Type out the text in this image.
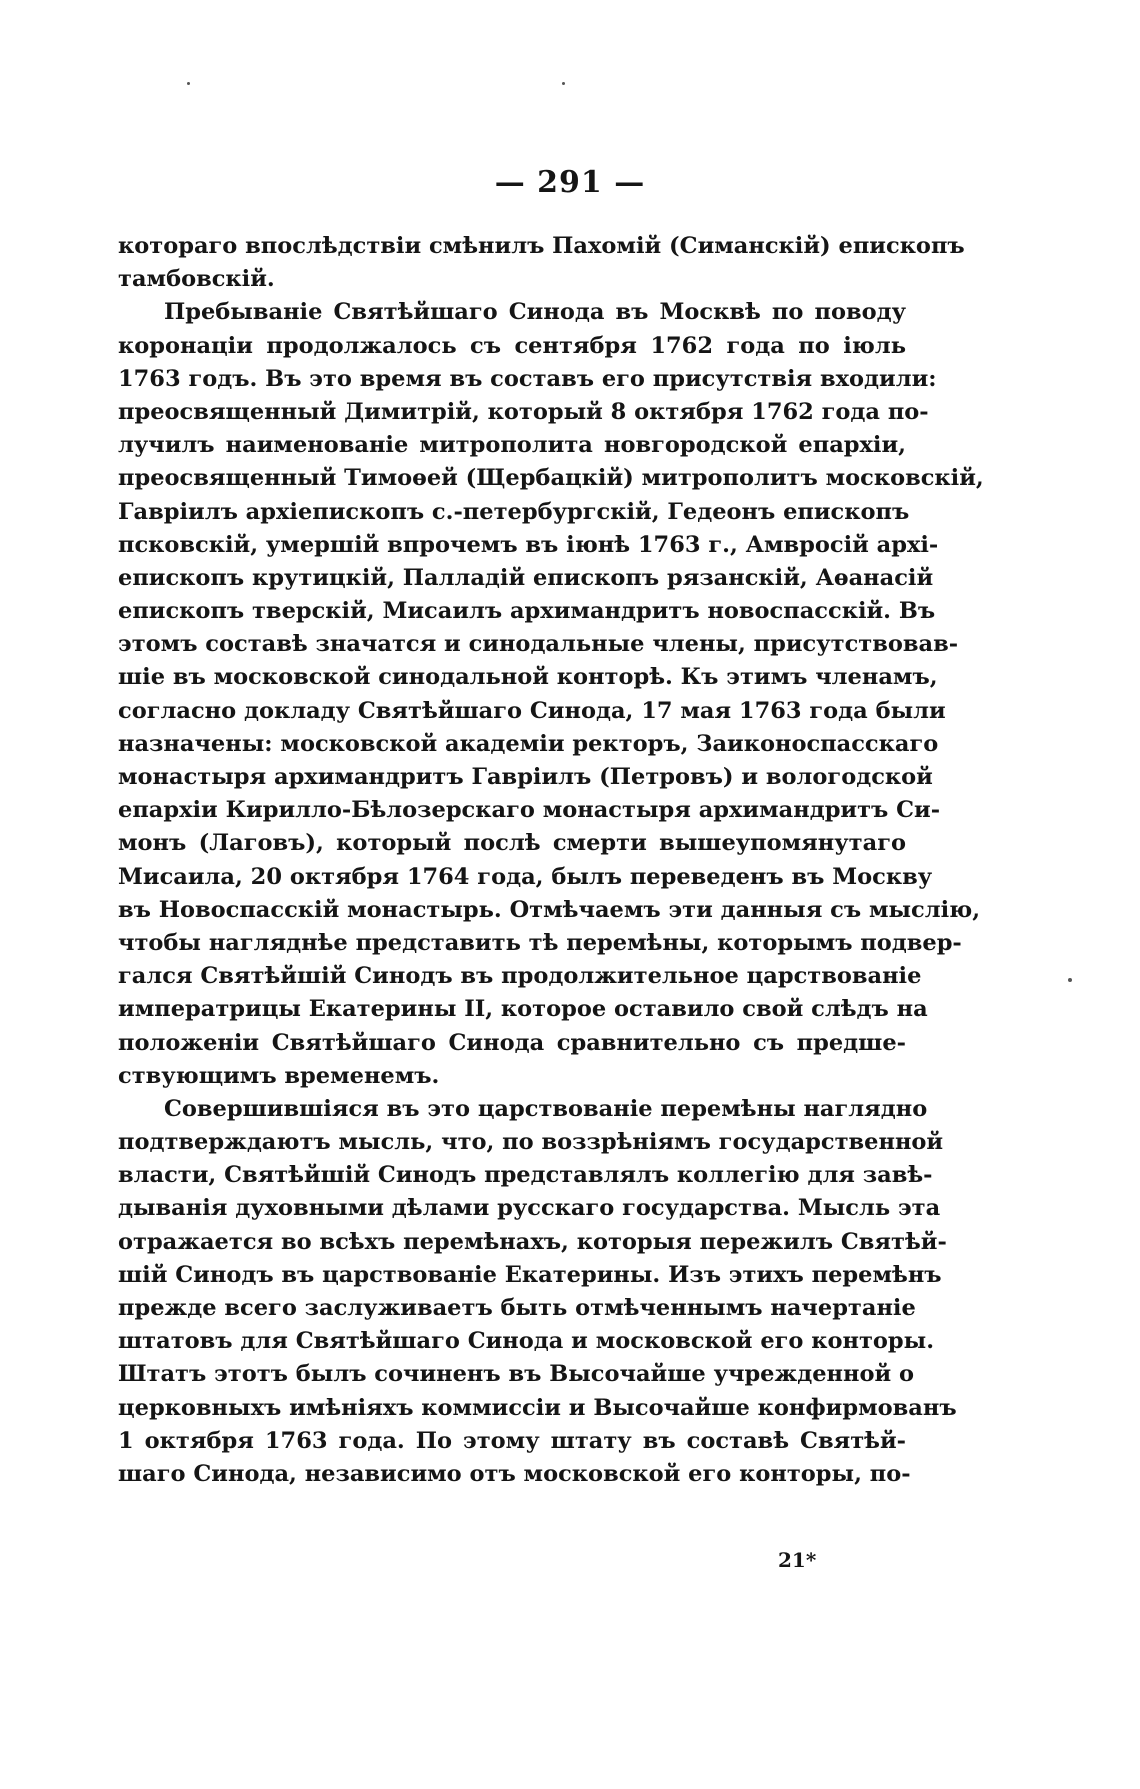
— 291 —
котораго впослѣдствіи смѣнилъ Пахомій (Симанскій) епископъ
тамбовскій.
Пребываніе Святѣйшаго Синода въ Москвѣ по поводу
коронаціи продолжалось съ сентября 1762 года по іюль
1763 годъ. Въ это время въ составъ его присутствія входили:
преосвященный Димитрій, который 8 октября 1762 года по-
лучилъ наименованіе митрополита новгородской епархіи,
преосвященный Тимоѳей (Щербацкій) митрополитъ московскій,
Гавріилъ архіепископъ с.-петербургскій, Гедеонъ епископъ
псковскій, умершій впрочемъ въ іюнѣ 1763 г., Амвросій архі-
епископъ крутицкій, Палладій епископъ рязанскій, Аѳанасій
епископъ тверскій, Мисаилъ архимандритъ новоспасскій. Въ
этомъ составѣ значатся и синодальные члены, присутствовав-
шіе въ московской синодальной конторѣ. Къ этимъ членамъ,
согласно докладу Святѣйшаго Синода, 17 мая 1763 года были
назначены: московской академіи ректоръ, Заиконоспасскаго
монастыря архимандритъ Гавріилъ (Петровъ) и вологодской
епархіи Кирилло-Бѣлозерскаго монастыря архимандритъ Си-
монъ (Лаговъ), который послѣ смерти вышеупомянутаго
Мисаила, 20 октября 1764 года, былъ переведенъ въ Москву
въ Новоспасскій монастырь. Отмѣчаемъ эти данныя съ мыслію,
чтобы нагляднѣе представить тѣ перемѣны, которымъ подвер-
гался Святѣйшій Синодъ въ продолжительное царствованіе
императрицы Екатерины II, которое оставило свой слѣдъ на
положеніи Святѣйшаго Синода сравнительно съ предше-
ствующимъ временемъ.
Совершившіяся въ это царствованіе перемѣны наглядно
подтверждаютъ мысль, что, по воззрѣніямъ государственной
власти, Святѣйшій Синодъ представлялъ коллегію для завѣ-
дыванія духовными дѣлами русскаго государства. Мысль эта
отражается во всѣхъ перемѣнахъ, которыя пережилъ Святѣй-
шій Синодъ въ царствованіе Екатерины. Изъ этихъ перемѣнъ
прежде всего заслуживаетъ быть отмѣченнымъ начертаніе
штатовъ для Святѣйшаго Синода и московской его конторы.
Штатъ этотъ былъ сочиненъ въ Высочайше учрежденной о
церковныхъ имѣніяхъ коммиссіи и Высочайше конфирмованъ
1 октября 1763 года. По этому штату въ составѣ Святѣй-
шаго Синода, независимо отъ московской его конторы, по-
21*
